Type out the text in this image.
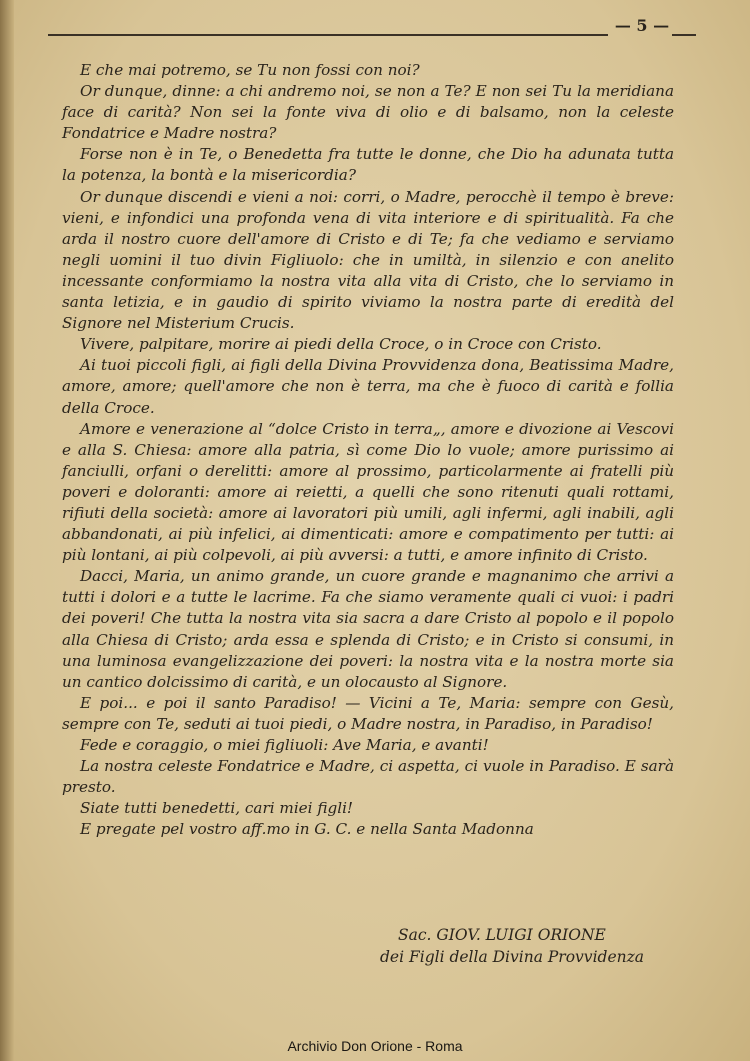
— 5 —

E che mai potremo, se Tu non fossi con noi?

Or dunque, dinne: a chi andremo noi, se non a Te? E non sei Tu la meridiana face di carità? Non sei la fonte viva di olio e di balsamo, non la celeste Fondatrice e Madre nostra?

Forse non è in Te, o Benedetta fra tutte le donne, che Dio ha adunata tutta la potenza, la bontà e la misericordia?

Or dunque discendi e vieni a noi: corri, o Madre, perocchè il tempo è breve: vieni, e infondici una profonda vena di vita interiore e di spiritualità. Fa che arda il nostro cuore dell'amore di Cristo e di Te; fa che vediamo e serviamo negli uomini il tuo divin Figliuolo: che in umiltà, in silenzio e con anelito incessante conformiamo la nostra vita alla vita di Cristo, che lo serviamo in santa letizia, e in gaudio di spirito viviamo la nostra parte di eredità del Signore nel Misterium Crucis.

Vivere, palpitare, morire ai piedi della Croce, o in Croce con Cristo.

Ai tuoi piccoli figli, ai figli della Divina Provvidenza dona, Beatissima Madre, amore, amore; quell'amore che non è terra, ma che è fuoco di carità e follia della Croce.

Amore e venerazione al “dolce Cristo in terra„, amore e divozione ai Vescovi e alla S. Chiesa: amore alla patria, sì come Dio lo vuole; amore purissimo ai fanciulli, orfani o derelitti: amore al prossimo, particolarmente ai fratelli più poveri e doloranti: amore ai reietti, a quelli che sono ritenuti quali rottami, rifiuti della società: amore ai lavoratori più umili, agli infermi, agli inabili, agli abbandonati, ai più infelici, ai dimenticati: amore e compatimento per tutti: ai più lontani, ai più colpevoli, ai più avversi: a tutti, e amore infinito di Cristo.

Dacci, Maria, un animo grande, un cuore grande e magnanimo che arrivi a tutti i dolori e a tutte le lacrime. Fa che siamo veramente quali ci vuoi: i padri dei poveri! Che tutta la nostra vita sia sacra a dare Cristo al popolo e il popolo alla Chiesa di Cristo; arda essa e splenda di Cristo; e in Cristo si consumi, in una luminosa evangelizzazione dei poveri: la nostra vita e la nostra morte sia un cantico dolcissimo di carità, e un olocausto al Signore.

E poi... e poi il santo Paradiso! — Vicini a Te, Maria: sempre con Gesù, sempre con Te, seduti ai tuoi piedi, o Madre nostra, in Paradiso, in Paradiso!

Fede e coraggio, o miei figliuoli: Ave Maria, e avanti!

La nostra celeste Fondatrice e Madre, ci aspetta, ci vuole in Paradiso. E sarà presto.

Siate tutti benedetti, cari miei figli!

E pregate pel vostro aff.mo in G. C. e nella Santa Madonna

Sac. GIOV. LUIGI ORIONE
dei Figli della Divina Provvidenza
Archivio Don Orione - Roma
